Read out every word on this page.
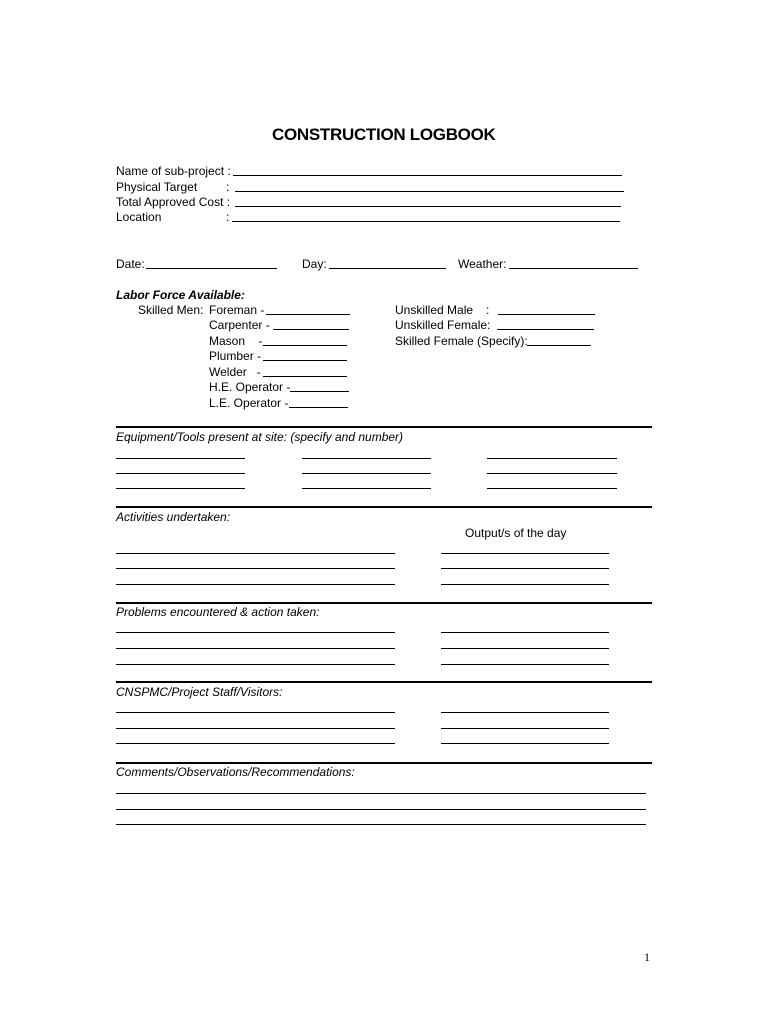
CONSTRUCTION LOGBOOK
Name of sub-project :
Physical Target :
Total Approved Cost :
Location	:
Date:	Day:	Weather:
Labor Force Available:
Skilled Men: Foreman -
Carpenter -
Mason    -
Plumber -
Welder   -
H.E. Operator -
L.E. Operator -
Unskilled Male :
Unskilled Female:
Skilled Female (Specify):
Equipment/Tools present at site: (specify and number)
Activities undertaken:
Output/s of the day
Problems encountered & action taken:
CNSPMC/Project Staff/Visitors:
Comments/Observations/Recommendations:
1
